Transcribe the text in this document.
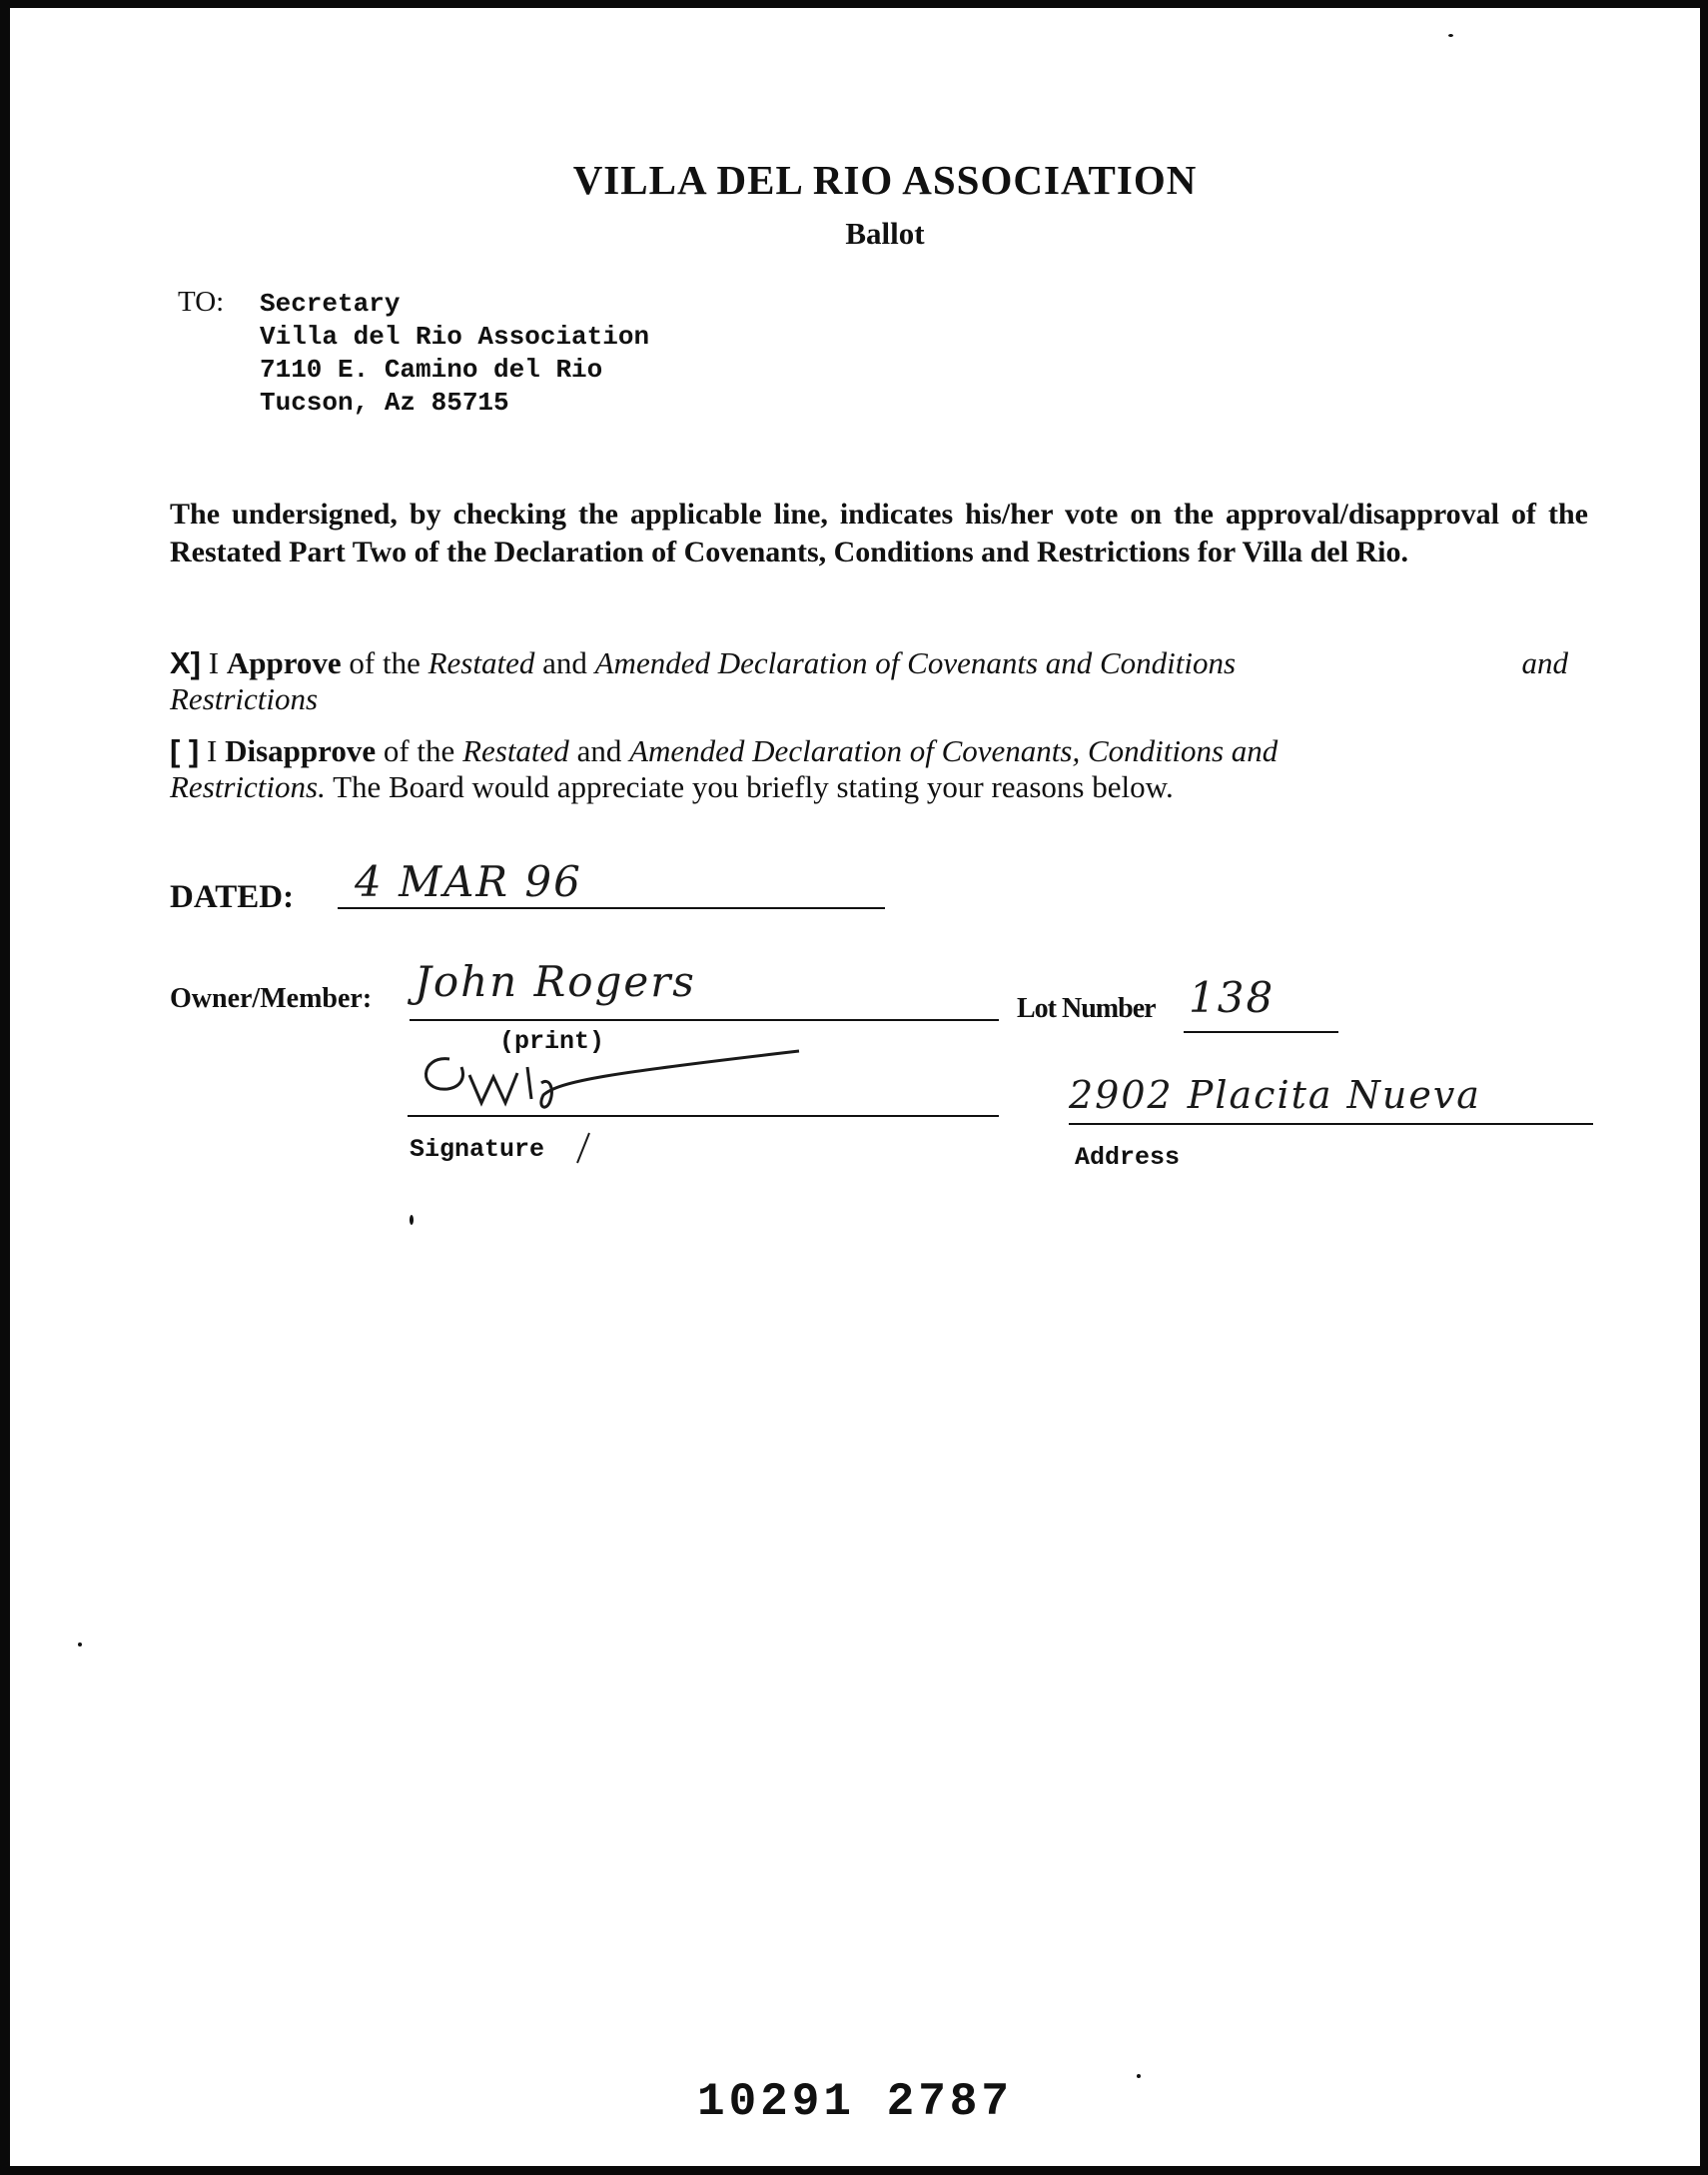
VILLA DEL RIO ASSOCIATION
Ballot
TO: Secretary
Villa del Rio Association
7110 E. Camino del Rio
Tucson, Az 85715
The undersigned, by checking the applicable line, indicates his/her vote on the approval/disapproval of the Restated Part Two of the Declaration of Covenants, Conditions and Restrictions for Villa del Rio.
X] I Approve of the Restated and Amended Declaration of Covenants and Conditions	and

Restrictions
[ ] I Disapprove of the Restated and Amended Declaration of Covenants, Conditions and
Restrictions. The Board would appreciate you briefly stating your reasons below.
DATED: 4 MAR 96
Owner/Member: John Rogers
(print)
Lot Number 138
Signature
2902 Placita Nueva
Address
10291 2787
